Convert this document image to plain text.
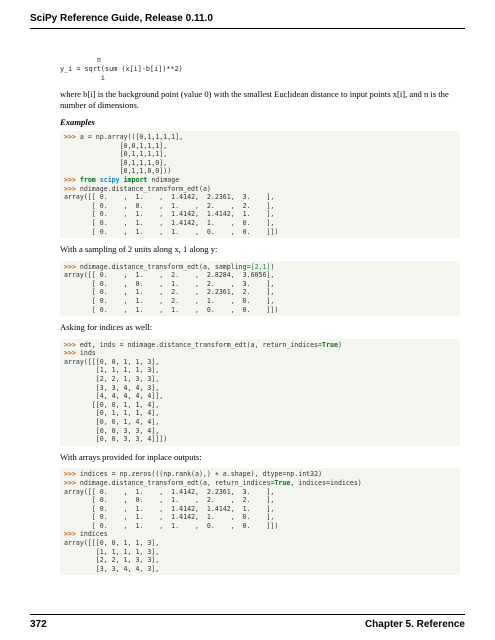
SciPy Reference Guide, Release 0.11.0
n
y_i = sqrt(sum (x[i]-b[i])**2)
i

where b[i] is the background point (value 0) with the smallest Euclidean distance to input points x[i], and n is the number of dimensions.

Examples

>>> a = np.array(([0,1,1,1,1],
[0,0,1,1,1],
[0,1,1,1,1],
[0,1,1,1,0],
[0,1,1,0,0]))
>>> from scipy import ndimage
>>> ndimage.distance_transform_edt(a)
array([[ 0.    ,  1.    ,  1.4142,  2.2361,  3.    ],
[ 0.    ,  0.    ,  1.    ,  2.    ,  2.    ],
[ 0.    ,  1.    ,  1.4142,  1.4142,  1.    ],
[ 0.    ,  1.    ,  1.4142,  1.    ,  0.    ],
[ 0.    ,  1.    ,  1.    ,  0.    ,  0.    ]])

With a sampling of 2 units along x, 1 along y:

>>> ndimage.distance_transform_edt(a, sampling=[2,1])
array([[ 0.    ,  1.    ,  2.    ,  2.8284,  3.6056],
[ 0.    ,  0.    ,  1.    ,  2.    ,  3.    ],
[ 0.    ,  1.    ,  2.    ,  2.2361,  2.    ],
[ 0.    ,  1.    ,  2.    ,  1.    ,  0.    ],
[ 0.    ,  1.    ,  1.    ,  0.    ,  0.    ]])

Asking for indices as well:

>>> edt, inds = ndimage.distance_transform_edt(a, return_indices=True)
>>> inds
array([[[0, 0, 1, 1, 3],
[1, 1, 1, 1, 3],
[2, 2, 1, 3, 3],
[3, 3, 4, 4, 3],
[4, 4, 4, 4, 4]],
[[0, 0, 1, 1, 4],
[0, 1, 1, 1, 4],
[0, 0, 1, 4, 4],
[0, 0, 3, 3, 4],
[0, 0, 3, 3, 4]]])

With arrays provided for inplace outputs:

>>> indices = np.zeros(((np.rank(a),) + a.shape), dtype=np.int32)
>>> ndimage.distance_transform_edt(a, return_indices=True, indices=indices)
array([[ 0.    ,  1.    ,  1.4142,  2.2361,  3.    ],
[ 0.    ,  0.    ,  1.    ,  2.    ,  2.    ],
[ 0.    ,  1.    ,  1.4142,  1.4142,  1.    ],
[ 0.    ,  1.    ,  1.4142,  1.    ,  0.    ],
[ 0.    ,  1.    ,  1.    ,  0.    ,  0.    ]])
>>> indices
array([[[0, 0, 1, 1, 3],
[1, 1, 1, 1, 3],
[2, 2, 1, 3, 3],
[3, 3, 4, 4, 3],
372	Chapter 5. Reference
